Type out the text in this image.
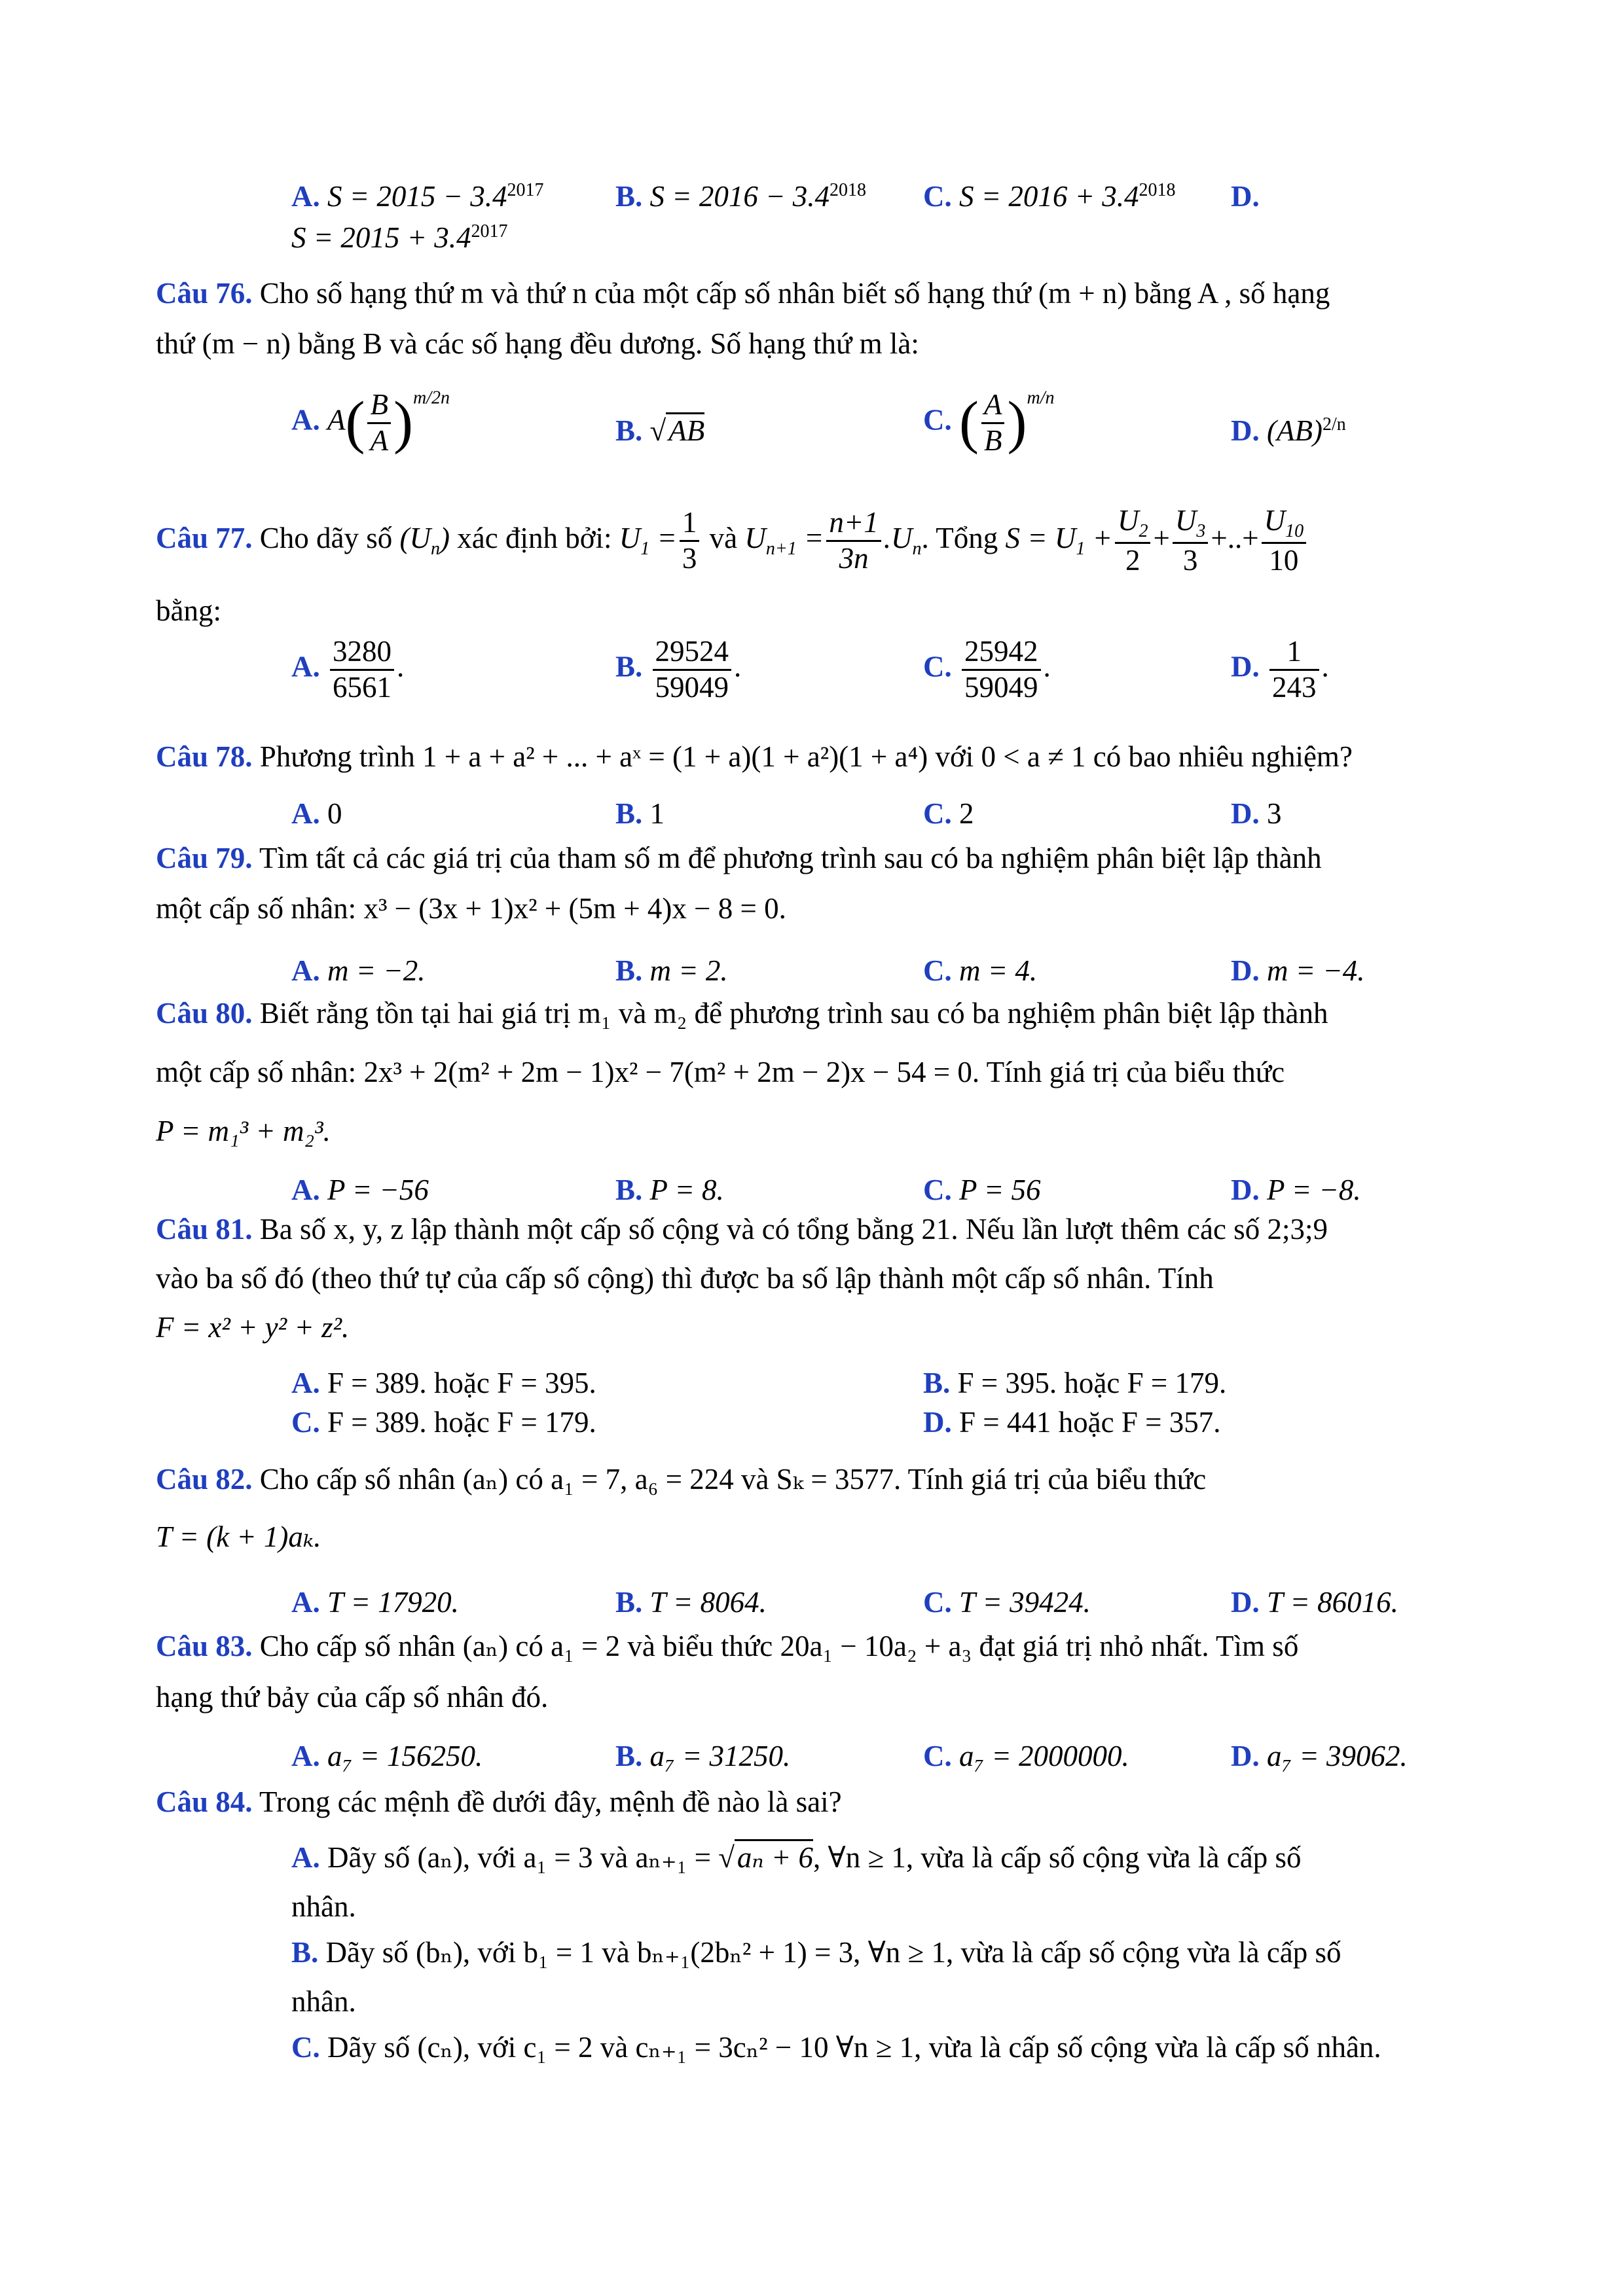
A. $S = 2015 - 3.4^{2017}$ B. $S = 2016 - 3.4^{2018}$ C. $S = 2016 + 3.4^{2018}$ D.
$S = 2015 + 3.4^{2017}$
Câu 76. Cho số hạng thứ m và thứ n của một cấp số nhân biết số hạng thứ (m + n) bằng A , số hạng
thứ (m − n) bằng B và các số hạng đều dương. Số hạng thứ m là:
A. $A( \frac{B}{A} )^{m/2n}$
B. √AB	C. ( $\frac{A}{B} )^{m/n}$
D. (AB)$^{2/n}$
Câu 77. Cho dãy số $(U_n)$ xác định bởi: $U_1 = \frac{1}{3}$ và $U_{n+1} = \frac{n+1}{3n} .U_n$. Tổng $S = U_1 + \frac{U_2}{2} + \frac{U_3}{3}$ +..+ $\frac{U_{10}}{10}$
bằng:
A. $\frac{3280}{6561}$ .	B. $\frac{29524}{59049}$ .	C. $\frac{25942}{59049}$ .	D. $\frac{1}{243}$ .
Câu 78. Phương trình 1 + a + a² + ... + aˣ = (1 + a)(1 + a²)(1 + a⁴) với 0 < a ≠ 1 có bao nhiêu nghiệm?
A. 0	B. 1	C. 2	D. 3
Câu 79. Tìm tất cả các giá trị của tham số m để phương trình sau có ba nghiệm phân biệt lập thành
một cấp số nhân: x³ − (3x + 1)x² + (5m + 4)x − 8 = 0.
A. m = −2.	B. m = 2.	C. m = 4.	D. m = −4.
Câu 80. Biết rằng tồn tại hai giá trị m₁ và m₂ để phương trình sau có ba nghiệm phân biệt lập thành
một cấp số nhân: 2x³ + 2(m² + 2m − 1)x² − 7(m² + 2m − 2)x − 54 = 0. Tính giá trị của biểu thức
P = m₁³ + m₂³.
A. P = −56	B. P = 8.	C. P = 56	D. P = −8.
Câu 81. Ba số x, y, z lập thành một cấp số cộng và có tổng bằng 21. Nếu lần lượt thêm các số 2;3;9
vào ba số đó (theo thứ tự của cấp số cộng) thì được ba số lập thành một cấp số nhân. Tính
F = x² + y² + z².
A. F = 389. hoặc F = 395.	B. F = 395. hoặc F = 179.
C. F = 389. hoặc F = 179.	D. F = 441 hoặc F = 357.
Câu 82. Cho cấp số nhân (aₙ) có a₁ = 7, a₆ = 224 và Sₖ = 3577. Tính giá trị của biểu thức
T = (k + 1)aₖ.
A. T = 17920.	B. T = 8064.	C. T = 39424.	D. T = 86016.
Câu 83. Cho cấp số nhân (aₙ) có a₁ = 2 và biểu thức 20a₁ − 10a₂ + a₃ đạt giá trị nhỏ nhất. Tìm số
hạng thứ bảy của cấp số nhân đó.
A. a₇ = 156250.	B. a₇ = 31250.	C. a₇ = 2000000.	D. a₇ = 39062.
Câu 84. Trong các mệnh đề dưới đây, mệnh đề nào là sai?
A. Dãy số (aₙ), với a₁ = 3 và aₙ₊₁ = √aₙ + 6, ∀n ≥ 1, vừa là cấp số cộng vừa là cấp số
nhân.
B. Dãy số (bₙ), với b₁ = 1 và bₙ₊₁(2bₙ² + 1) = 3, ∀n ≥ 1, vừa là cấp số cộng vừa là cấp số
nhân.
C. Dãy số (cₙ), với c₁ = 2 và cₙ₊₁ = 3cₙ² − 10 ∀n ≥ 1, vừa là cấp số cộng vừa là cấp số nhân.
